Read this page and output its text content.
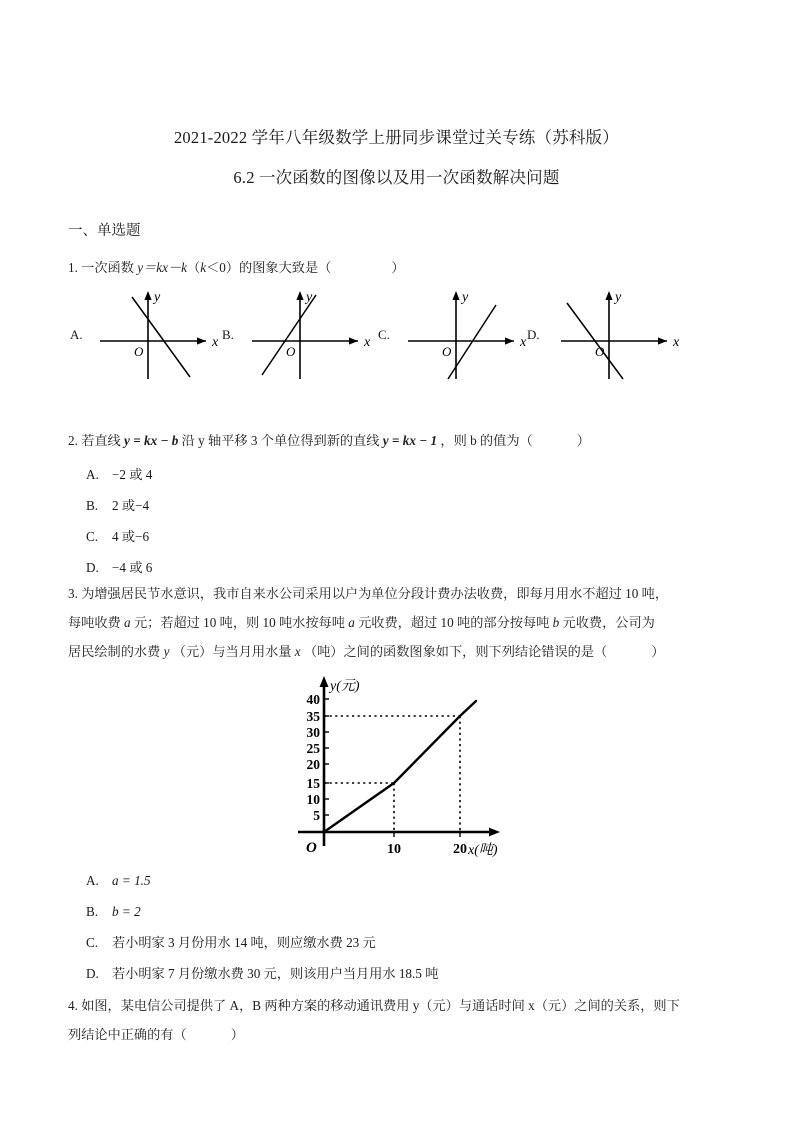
2021-2022 学年八年级数学上册同步课堂过关专练（苏科版）
6.2 一次函数的图像以及用一次函数解决问题
一、单选题
1. 一次函数 y＝kx－k（k＜0）的图象大致是（	）
A.
x
y
O
B.
x
y
O
C.
x
y
O
D.
x
y
O
2. 若直线 y = kx − b 沿 y 轴平移 3 个单位得到新的直线 y = kx − 1 ，则 b 的值为（	）
A. −2 或 4
B. 2 或−4
C. 4 或−6
D. −4 或 6
3. 为增强居民节水意识，我市自来水公司采用以户为单位分段计费办法收费，即每月用水不超过 10 吨，
每吨收费 a 元；若超过 10 吨，则 10 吨水按每吨 a 元收费，超过 10 吨的部分按每吨 b 元收费，公司为
居民绘制的水费 y （元）与当月用水量 x （吨）之间的函数图象如下，则下列结论错误的是（	）
5
10
15
20
25
30
35
40
y(元)
x(吨)
O	10	20
A. a = 1.5
B. b = 2
C. 若小明家 3 月份用水 14 吨，则应缴水费 23 元
D. 若小明家 7 月份缴水费 30 元，则该用户当月用水 18.5 吨
4. 如图，某电信公司提供了 A，B 两种方案的移动通讯费用 y（元）与通话时间 x（元）之间的关系，则下
列结论中正确的有（	）
